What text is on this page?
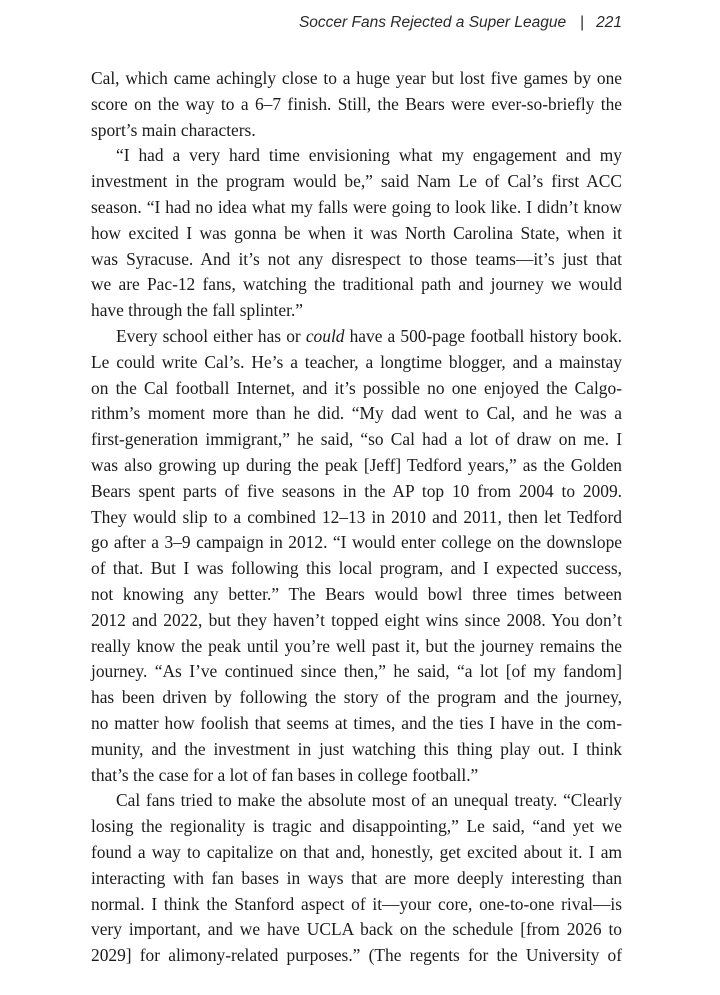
Soccer Fans Rejected a Super League | 221

Cal, which came achingly close to a huge year but lost five games by one
score on the way to a 6–7 finish. Still, the Bears were ever-so-briefly the
sport’s main characters.

“I had a very hard time envisioning what my engagement and my
investment in the program would be,” said Nam Le of Cal’s first ACC
season. “I had no idea what my falls were going to look like. I didn’t know
how excited I was gonna be when it was North Carolina State, when it
was Syracuse. And it’s not any disrespect to those teams—it’s just that
we are Pac-12 fans, watching the traditional path and journey we would
have through the fall splinter.”

Every school either has or could have a 500-page football history book.
Le could write Cal’s. He’s a teacher, a longtime blogger, and a mainstay
on the Cal football Internet, and it’s possible no one enjoyed the Calgo-
rithm’s moment more than he did. “My dad went to Cal, and he was a
first-generation immigrant,” he said, “so Cal had a lot of draw on me. I
was also growing up during the peak [Jeff] Tedford years,” as the Golden
Bears spent parts of five seasons in the AP top 10 from 2004 to 2009.
They would slip to a combined 12–13 in 2010 and 2011, then let Tedford
go after a 3–9 campaign in 2012. “I would enter college on the downslope
of that. But I was following this local program, and I expected success,
not knowing any better.” The Bears would bowl three times between
2012 and 2022, but they haven’t topped eight wins since 2008. You don’t
really know the peak until you’re well past it, but the journey remains the
journey. “As I’ve continued since then,” he said, “a lot [of my fandom]
has been driven by following the story of the program and the journey,
no matter how foolish that seems at times, and the ties I have in the com-
munity, and the investment in just watching this thing play out. I think
that’s the case for a lot of fan bases in college football.”

Cal fans tried to make the absolute most of an unequal treaty. “Clearly
losing the regionality is tragic and disappointing,” Le said, “and yet we
found a way to capitalize on that and, honestly, get excited about it. I am
interacting with fan bases in ways that are more deeply interesting than
normal. I think the Stanford aspect of it—your core, one-to-one rival—is
very important, and we have UCLA back on the schedule [from 2026 to
2029] for alimony-related purposes.” (The regents for the University of
